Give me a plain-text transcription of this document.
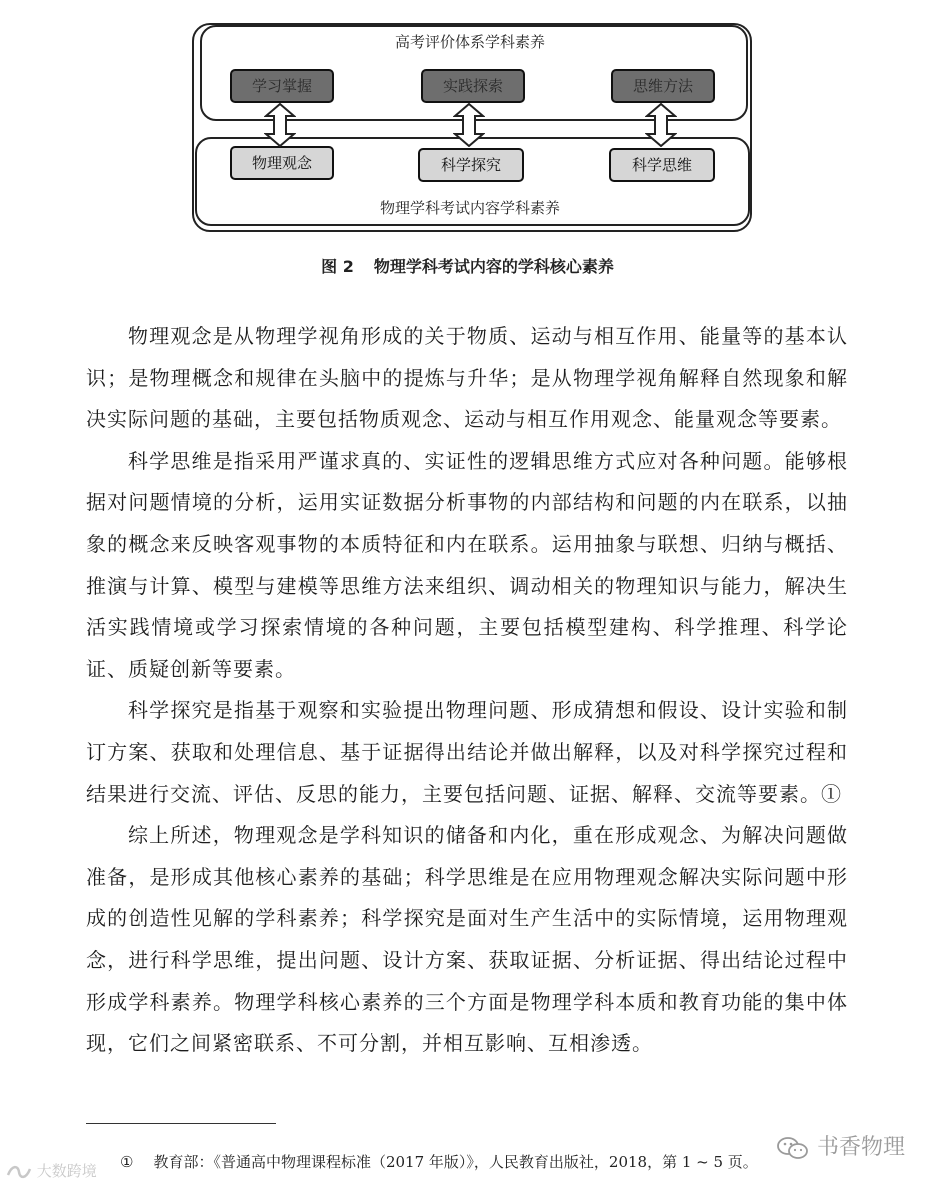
高考评价体系学科素养
物理学科考试内容学科素养
学习掌握	实践探索	思维方法
物理观念	科学探究	科学思维
图 2 物理学科考试内容的学科核心素养

物理观念是从物理学视角形成的关于物质、运动与相互作用、能量等的基本认识；是物理概念和规律在头脑中的提炼与升华；是从物理学视角解释自然现象和解决实际问题的基础，主要包括物质观念、运动与相互作用观念、能量观念等要素。

科学思维是指采用严谨求真的、实证性的逻辑思维方式应对各种问题。能够根据对问题情境的分析，运用实证数据分析事物的内部结构和问题的内在联系，以抽象的概念来反映客观事物的本质特征和内在联系。运用抽象与联想、归纳与概括、推演与计算、模型与建模等思维方法来组织、调动相关的物理知识与能力，解决生活实践情境或学习探索情境的各种问题，主要包括模型建构、科学推理、科学论证、质疑创新等要素。

科学探究是指基于观察和实验提出物理问题、形成猜想和假设、设计实验和制订方案、获取和处理信息、基于证据得出结论并做出解释，以及对科学探究过程和结果进行交流、评估、反思的能力，主要包括问题、证据、解释、交流等要素。①

综上所述，物理观念是学科知识的储备和内化，重在形成观念、为解决问题做准备，是形成其他核心素养的基础；科学思维是在应用物理观念解决实际问题中形成的创造性见解的学科素养；科学探究是面对生产生活中的实际情境，运用物理观念，进行科学思维，提出问题、设计方案、获取证据、分析证据、得出结论过程中形成学科素养。物理学科核心素养的三个方面是物理学科本质和教育功能的集中体现，它们之间紧密联系、不可分割，并相互影响、互相渗透。

① 教育部：《普通高中物理课程标准（2017 年版）》，人民教育出版社，2018，第 1 ~ 5 页。
大数跨境
书香物理
